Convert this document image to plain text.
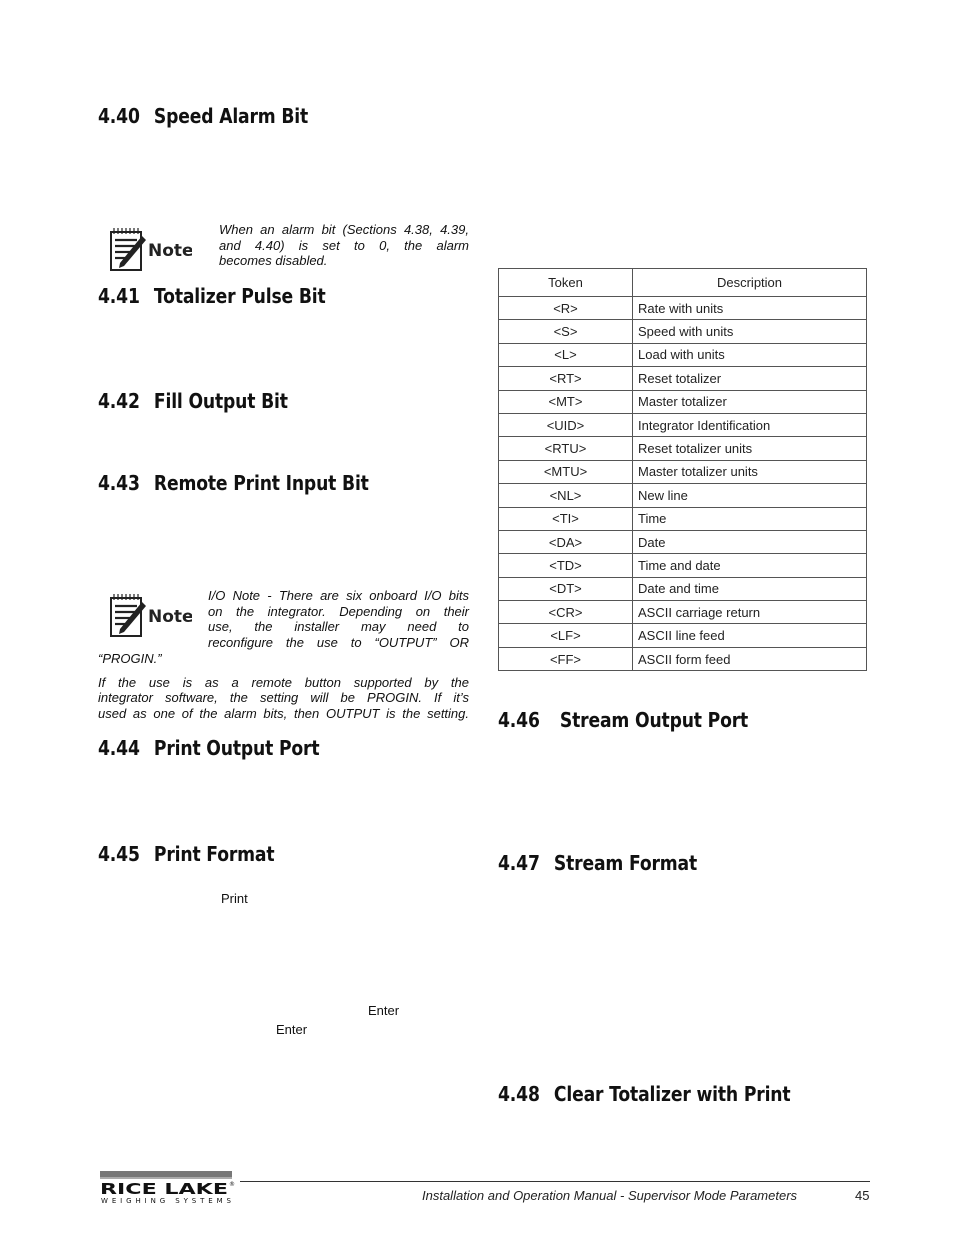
4.40 Speed Alarm Bit
4.41 Totalizer Pulse Bit
4.42 Fill Output Bit
4.43 Remote Print Input Bit
4.44 Print Output Port
4.45 Print Format
4.46 Stream Output Port
4.47 Stream Format
4.48 Clear Totalizer with Print
Note
When an alarm bit (Sections 4.38, 4.39,
and 4.40) is set to 0, the alarm
becomes disabled.
Note
I/O Note - There are six onboard I/O bits
on the integrator. Depending on their
use, the installer may need to
reconfigure the use to “OUTPUT” OR
“PROGIN.”
If the use is as a remote button supported by the
integrator software, the setting will be PROGIN. If it’s
used as one of the alarm bits, then OUTPUT is the setting.
Print
Enter
Enter
Token	Description
<R>	Rate with units
<S>	Speed with units
<L>	Load with units
<RT>	Reset totalizer
<MT>	Master totalizer
<UID>	Integrator Identification
<RTU>	Reset totalizer units
<MTU>	Master totalizer units
<NL>	New line
<TI>	Time
<DA>	Date
<TD>	Time and date
<DT>	Date and time
<CR>	ASCII carriage return
<LF>	ASCII line feed
<FF>	ASCII form feed
RICE LAKE ®
WEIGHING SYSTEMS	Installation and Operation Manual - Supervisor Mode Parameters	45
